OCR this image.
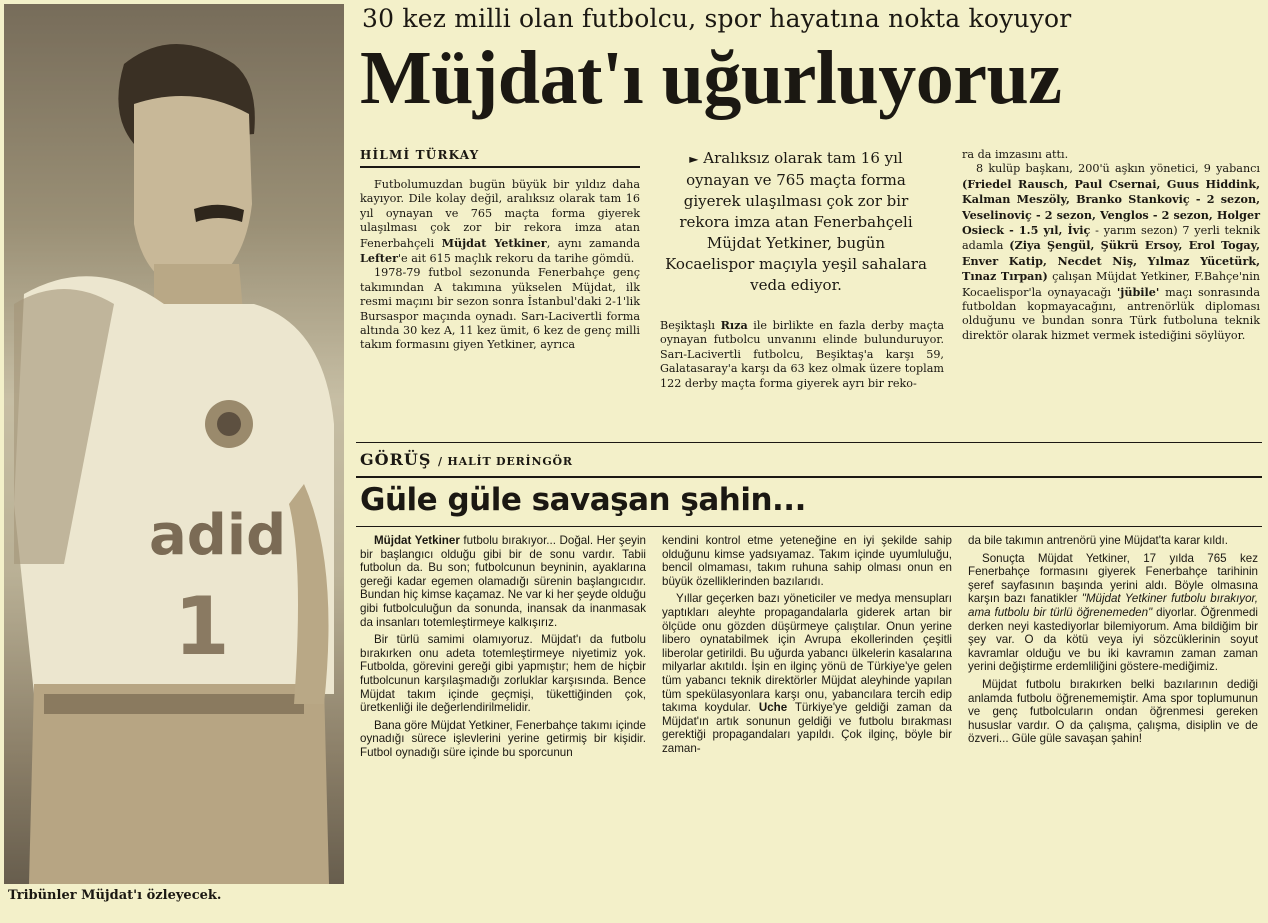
adid
1
Tribünler Müjdat'ı özleyecek.
30 kez milli olan futbolcu, spor hayatına nokta koyuyor
Müjdat'ı uğurluyoruz
HİLMİ TÜRKAY

Futbolumuzdan bugün büyük bir yıldız daha kayıyor. Dile kolay değil, aralıksız olarak tam 16 yıl oynayan ve 765 maçta forma giyerek ulaşılması çok zor bir rekora imza atan Fenerbahçeli Müjdat Yetkiner, aynı zamanda Lefter'e ait 615 maçlık rekoru da tarihe gömdü.

1978-79 futbol sezonunda Fenerbahçe genç takımından A takımına yükselen Müjdat, ilk resmi maçını bir sezon sonra İstanbul'daki 2-1'lik Bursaspor maçında oynadı. Sarı-Lacivertli forma altında 30 kez A, 11 kez ümit, 6 kez de genç milli takım formasını giyen Yetkiner, ayrıca

► Aralıksız olarak tam 16 yıl oynayan ve 765 maçta forma giyerek ulaşılması çok zor bir rekora imza atan Fenerbahçeli Müjdat Yetkiner, bugün Kocaelispor maçıyla yeşil sahalara veda ediyor.

Beşiktaşlı Rıza ile birlikte en fazla derby maçta oynayan futbolcu unvanını elinde bulunduruyor. Sarı-Lacivertli futbolcu, Beşiktaş'a karşı 59, Galatasaray'a karşı da 63 kez olmak üzere toplam 122 derby maçta forma giyerek ayrı bir reko-

ra da imzasını attı.

8 kulüp başkanı, 200'ü aşkın yönetici, 9 yabancı (Friedel Rausch, Paul Csernai, Guus Hiddink, Kalman Meszöly, Branko Stankoviç - 2 sezon, Veselinoviç - 2 sezon, Venglos - 2 sezon, Holger Osieck - 1.5 yıl, İviç - yarım sezon) 7 yerli teknik adamla (Ziya Şengül, Şükrü Ersoy, Erol Togay, Enver Katip, Necdet Niş, Yılmaz Yücetürk, Tınaz Tırpan) çalışan Müjdat Yetkiner, F.Bahçe'nin Kocaelispor'la oynayacağı 'jübile' maçı sonrasında futboldan kopmayacağını, antrenörlük diploması olduğunu ve bundan sonra Türk futboluna teknik direktör olarak hizmet vermek istediğini söylüyor.

GÖRÜŞ / HALİT DERİNGÖR
Güle güle savaşan şahin...

Müjdat Yetkiner futbolu bırakıyor... Doğal. Her şeyin bir başlangıcı olduğu gibi bir de sonu vardır. Tabii futbolun da. Bu son; futbolcunun beyninin, ayaklarına gereği kadar egemen olamadığı sürenin başlangıcıdır. Bundan hiç kimse kaçamaz. Ne var ki her şeyde olduğu gibi futbolculuğun da sonunda, inansak da inanmasak da insanları totemleştirmeye kalkışırız.

Bir türlü samimi olamıyoruz. Müjdat'ı da futbolu bırakırken onu adeta totemleştirmeye niyetimiz yok. Futbolda, görevini gereği gibi yapmıştır; hem de hiçbir futbolcunun karşılaşmadığı zorluklar karşısında. Bence Müjdat takım içinde geçmişi, tükettiğinden çok, üretkenliği ile değerlendirilmelidir.

Bana göre Müjdat Yetkiner, Fenerbahçe takımı içinde oynadığı sürece işlevlerini yerine getirmiş bir kişidir. Futbol oynadığı süre içinde bu sporcunun

kendini kontrol etme yeteneğine en iyi şekilde sahip olduğunu kimse yadsıyamaz. Takım içinde uyumluluğu, bencil olmaması, takım ruhuna sahip olması onun en büyük özelliklerinden bazılarıdı.

Yıllar geçerken bazı yöneticiler ve medya mensupları yaptıkları aleyhte propagandalarla giderek artan bir ölçüde onu gözden düşürmeye çalıştılar. Onun yerine libero oynatabilmek için Avrupa ekollerinden çeşitli liberolar getirildi. Bu uğurda yabancı ülkelerin kasalarına milyarlar akıtıldı. İşin en ilginç yönü de Türkiye'ye gelen tüm yabancı teknik direktörler Müjdat aleyhinde yapılan tüm spekülasyonlara karşı onu, yabancılara tercih edip takıma koydular. Uche Türkiye'ye geldiği zaman da Müjdat'ın artık sonunun geldiği ve futbolu bırakması gerektiği propagandaları yapıldı. Çok ilginç, böyle bir zaman-

da bile takımın antrenörü yine Müjdat'ta karar kıldı.

Sonuçta Müjdat Yetkiner, 17 yılda 765 kez Fenerbahçe formasını giyerek Fenerbahçe tarihinin şeref sayfasının başında yerini aldı. Böyle olmasına karşın bazı fanatikler "Müjdat Yetkiner futbolu bırakıyor, ama futbolu bir türlü öğrenemeden" diyorlar. Öğrenmedi derken neyi kastediyorlar bilemiyorum. Ama bildiğim bir şey var. O da kötü veya iyi sözcüklerinin soyut kavramlar olduğu ve bu iki kavramın zaman zaman yerini değiştirme erdemliliğini göstere-mediğimiz.

Müjdat futbolu bırakırken belki bazılarının dediği anlamda futbolu öğrenememiştir. Ama spor toplumunun ve genç futbolcuların ondan öğrenmesi gereken hususlar vardır. O da çalışma, çalışma, disiplin ve de özveri... Güle güle savaşan şahin!
